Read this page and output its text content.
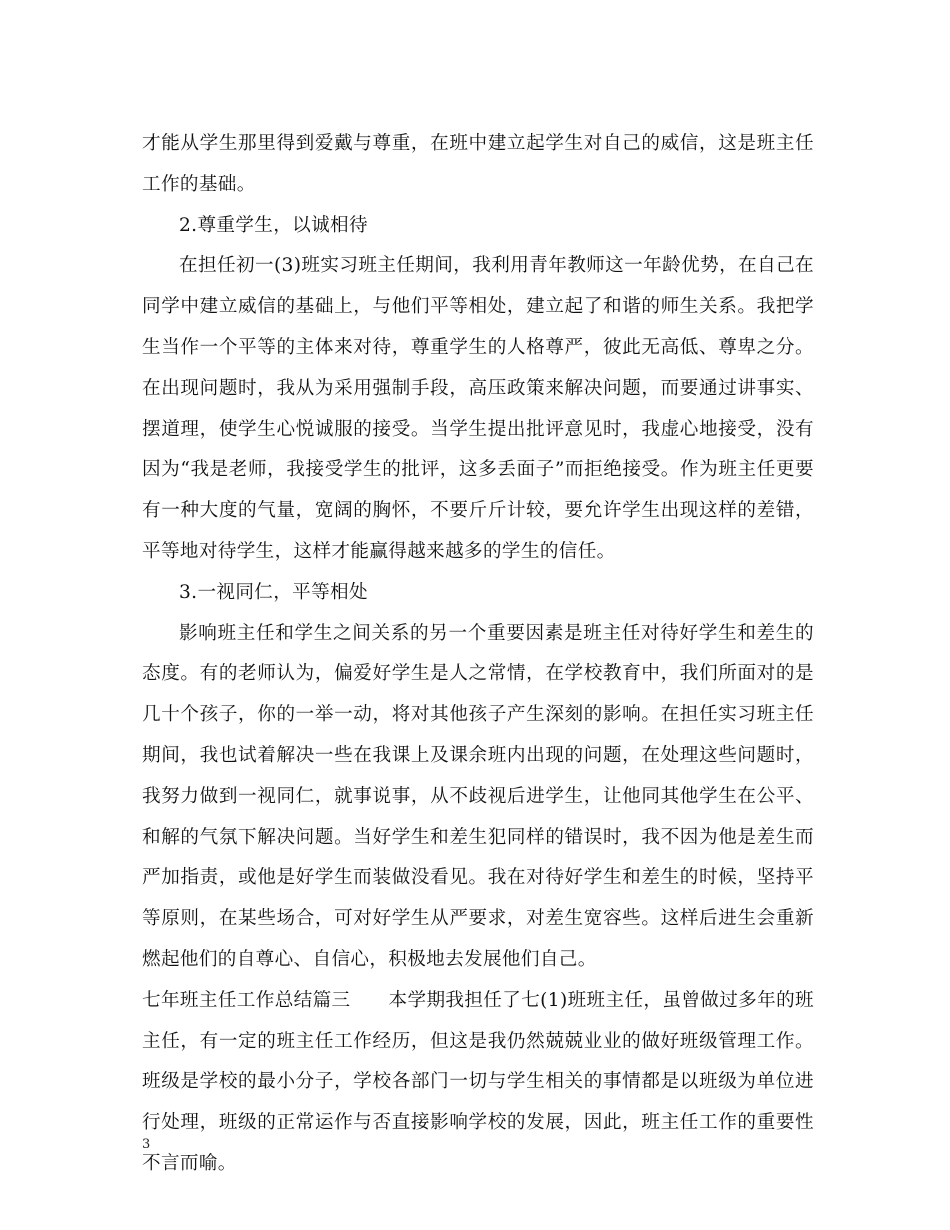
才能从学生那里得到爱戴与尊重，在班中建立起学生对自己的威信，这是班主任工作的基础。

2.尊重学生，以诚相待

在担任初一(3)班实习班主任期间，我利用青年教师这一年龄优势，在自己在同学中建立威信的基础上，与他们平等相处，建立起了和谐的师生关系。我把学生当作一个平等的主体来对待，尊重学生的人格尊严，彼此无高低、尊卑之分。在出现问题时，我从为采用强制手段，高压政策来解决问题，而要通过讲事实、摆道理，使学生心悦诚服的接受。当学生提出批评意见时，我虚心地接受，没有因为“我是老师，我接受学生的批评，这多丢面子”而拒绝接受。作为班主任更要有一种大度的气量，宽阔的胸怀，不要斤斤计较，要允许学生出现这样的差错，平等地对待学生，这样才能赢得越来越多的学生的信任。

3.一视同仁，平等相处

影响班主任和学生之间关系的另一个重要因素是班主任对待好学生和差生的态度。有的老师认为，偏爱好学生是人之常情，在学校教育中，我们所面对的是几十个孩子，你的一举一动，将对其他孩子产生深刻的影响。在担任实习班主任期间，我也试着解决一些在我课上及课余班内出现的问题，在处理这些问题时，我努力做到一视同仁，就事说事，从不歧视后进学生，让他同其他学生在公平、和解的气氛下解决问题。当好学生和差生犯同样的错误时，我不因为他是差生而严加指责，或他是好学生而装做没看见。我在对待好学生和差生的时候，坚持平等原则，在某些场合，可对好学生从严要求，对差生宽容些。这样后进生会重新燃起他们的自尊心、自信心，积极地去发展他们自己。

七年班主任工作总结篇三 本学期我担任了七(1)班班主任，虽曾做过多年的班主任，有一定的班主任工作经历，但这是我仍然兢兢业业的做好班级管理工作。班级是学校的最小分子，学校各部门一切与学生相关的事情都是以班级为单位进行处理，班级的正常运作与否直接影响学校的发展，因此，班主任工作的重要性不言而喻。

3
